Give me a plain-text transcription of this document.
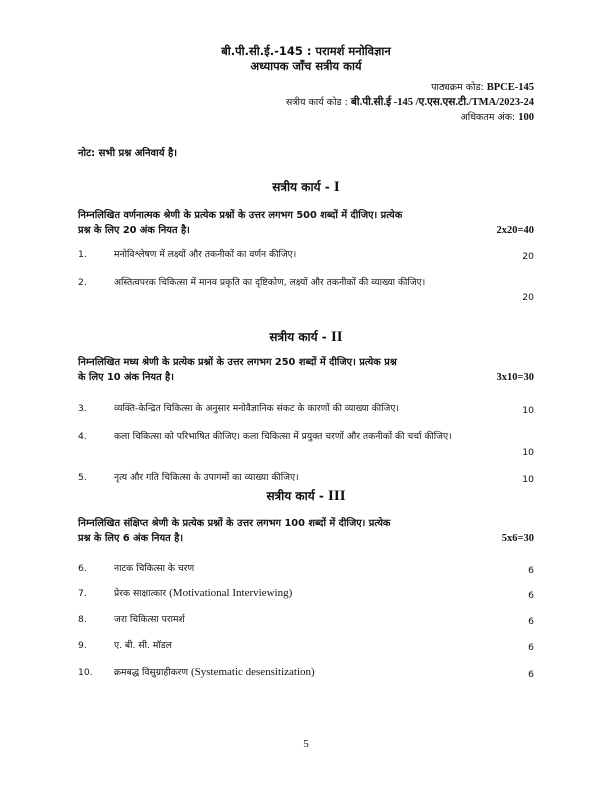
बी.पी.सी.ई.-145 : परामर्श मनोविज्ञान
अध्यापक जाँच सत्रीय कार्य
पाठ्यक्रम कोड: BPCE-145
सत्रीय कार्य कोड : बी.पी.सी.ई -145 /ए.एस.एस.टी./TMA/2023-24
अधिकतम अंक: 100
नोट: सभी प्रश्न अनिवार्य है।
सत्रीय कार्य - I
निम्नलिखित वर्णनात्मक श्रेणी के प्रत्येक प्रश्नों के उत्तर लगभग 500 शब्दों में दीजिए। प्रत्येक
प्रश्न के लिए 20 अंक नियत है।	2x20=40
1.	मनोविश्लेषण में लक्ष्यों और तकनीकों का वर्णन कीजिए।	20
2.	अस्तित्वपरक चिकित्सा में मानव प्रकृति का दृष्टिकोण, लक्ष्यों और तकनीकों की व्याख्या कीजिए।
20
सत्रीय कार्य - II
निम्नलिखित मध्य श्रेणी के प्रत्येक प्रश्नों के उत्तर लगभग 250 शब्दों में दीजिए। प्रत्येक प्रश्न
के लिए 10 अंक नियत है।	3x10=30
3.	व्यक्ति-केन्द्रित चिकित्सा के अनुसार मनोवैज्ञानिक संकट के कारणों की व्याख्या कीजिए।	10
4.	कला चिकित्सा को परिभाषित कीजिए। कला चिकित्सा में प्रयुक्त चरणों और तकनीकों की चर्चा कीजिए।
10
5.	नृत्य और गति चिकित्सा के उपागमों का व्याख्या कीजिए।	10
सत्रीय कार्य - III
निम्नलिखित संक्षिप्त श्रेणी के प्रत्येक प्रश्नों के उत्तर लगभग 100 शब्दों में दीजिए। प्रत्येक
प्रश्न के लिए 6 अंक नियत है।	5x6=30
6.	नाटक चिकित्सा के चरण	6
7.	प्रेरक साक्षात्कार (Motivational Interviewing)	6
8.	जरा चिकित्सा परामर्श	6
9.	ए. बी. सी. मॉडल	6
10. क्रमबद्ध विसुग्राहीकरण (Systematic desensitization)	6
5
